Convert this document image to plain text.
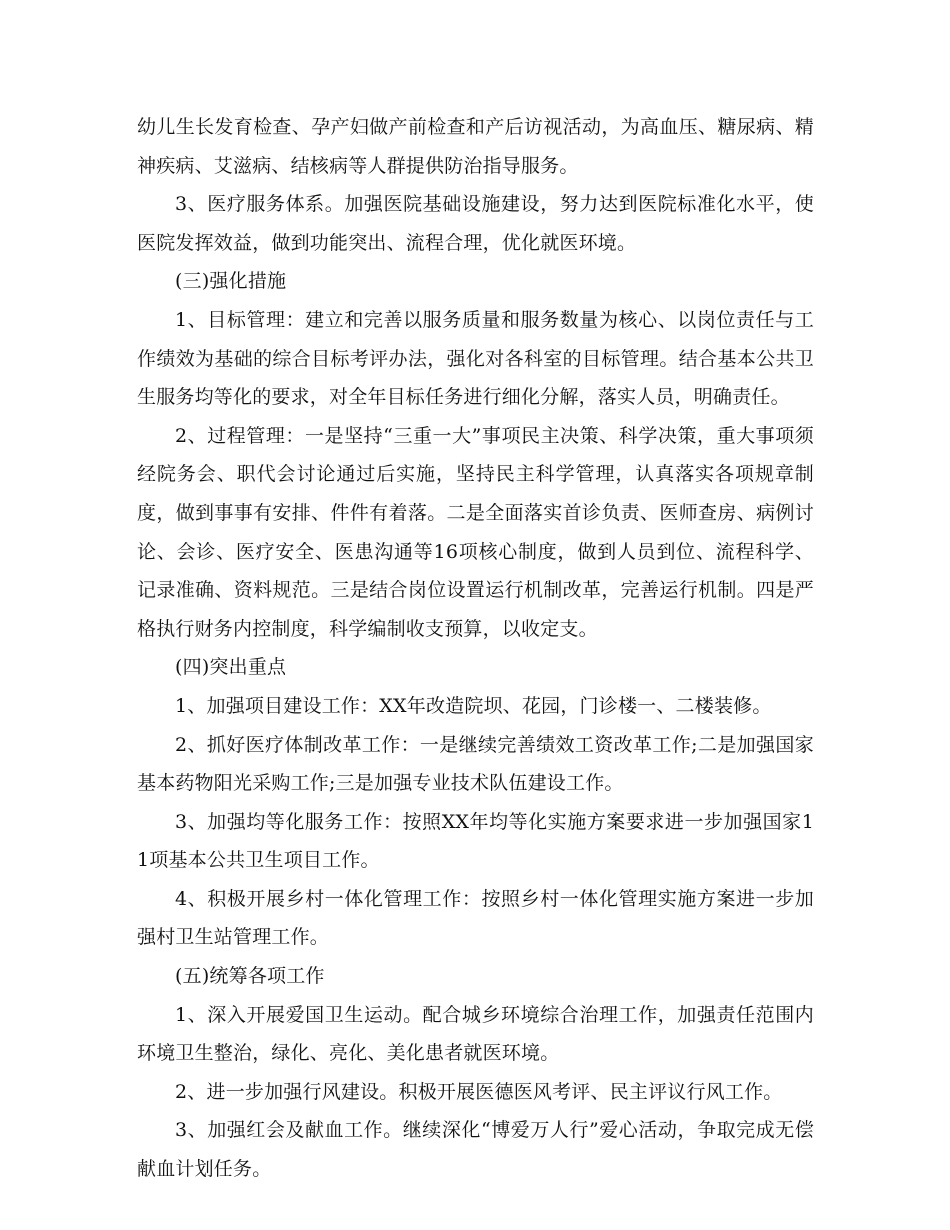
幼儿生长发育检查、孕产妇做产前检查和产后访视活动，为高血压、糖尿病、精神疾病、艾滋病、结核病等人群提供防治指导服务。

3、医疗服务体系。加强医院基础设施建设，努力达到医院标准化水平，使医院发挥效益，做到功能突出、流程合理，优化就医环境。

(三)强化措施

1、目标管理：建立和完善以服务质量和服务数量为核心、以岗位责任与工作绩效为基础的综合目标考评办法，强化对各科室的目标管理。结合基本公共卫生服务均等化的要求，对全年目标任务进行细化分解，落实人员，明确责任。

2、过程管理：一是坚持“三重一大”事项民主决策、科学决策，重大事项须经院务会、职代会讨论通过后实施，坚持民主科学管理，认真落实各项规章制度，做到事事有安排、件件有着落。二是全面落实首诊负责、医师查房、病例讨论、会诊、医疗安全、医患沟通等16项核心制度，做到人员到位、流程科学、记录准确、资料规范。三是结合岗位设置运行机制改革，完善运行机制。四是严格执行财务内控制度，科学编制收支预算，以收定支。

(四)突出重点

1、加强项目建设工作：XX年改造院坝、花园，门诊楼一、二楼装修。

2、抓好医疗体制改革工作：一是继续完善绩效工资改革工作;二是加强国家基本药物阳光采购工作;三是加强专业技术队伍建设工作。

3、加强均等化服务工作：按照XX年均等化实施方案要求进一步加强国家11项基本公共卫生项目工作。

4、积极开展乡村一体化管理工作：按照乡村一体化管理实施方案进一步加强村卫生站管理工作。

(五)统筹各项工作

1、深入开展爱国卫生运动。配合城乡环境综合治理工作，加强责任范围内环境卫生整治，绿化、亮化、美化患者就医环境。

2、进一步加强行风建设。积极开展医德医风考评、民主评议行风工作。

3、加强红会及献血工作。继续深化“博爱万人行”爱心活动，争取完成无偿献血计划任务。
